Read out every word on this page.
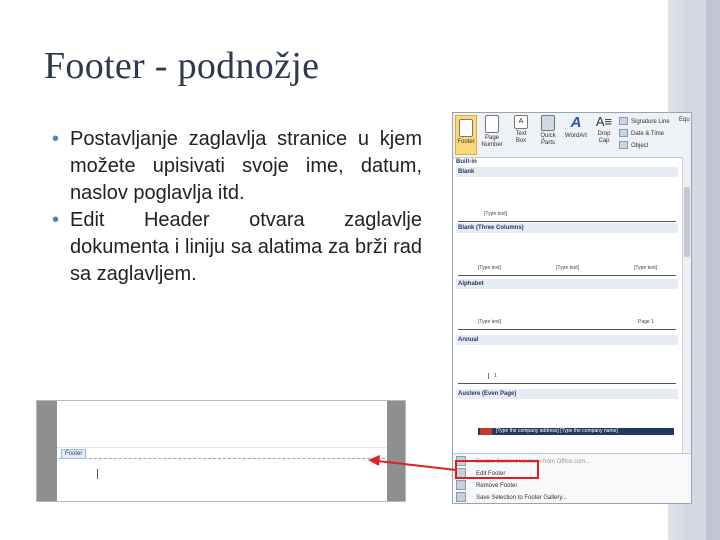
Footer - podnožje
• Postavljanje zaglavlja stranice u kjem možete upisivati svoje ime, datum, naslov poglavlja itd.
• Edit Header otvara zaglavlje dokumenta i liniju sa alatima za brži rad sa zaglavljem.
Footer
Footer
Page Number
A
Text Box
Quick Parts
A
WordArt
A≡
Drop Cap
Signature Line
Date & Time
Object
Equ
Built-in
Blank
[Type text]
Blank (Three Columns)
[Type text]	[Type text]	[Type text]
Alphabet
[Type text]	Page 1
Annual
1
Austere (Even Page)
[Type the company address] [Type the company name]
Enable Content Updates from Office.com...
Edit Footer
Remove Footer
Save Selection to Footer Gallery...
